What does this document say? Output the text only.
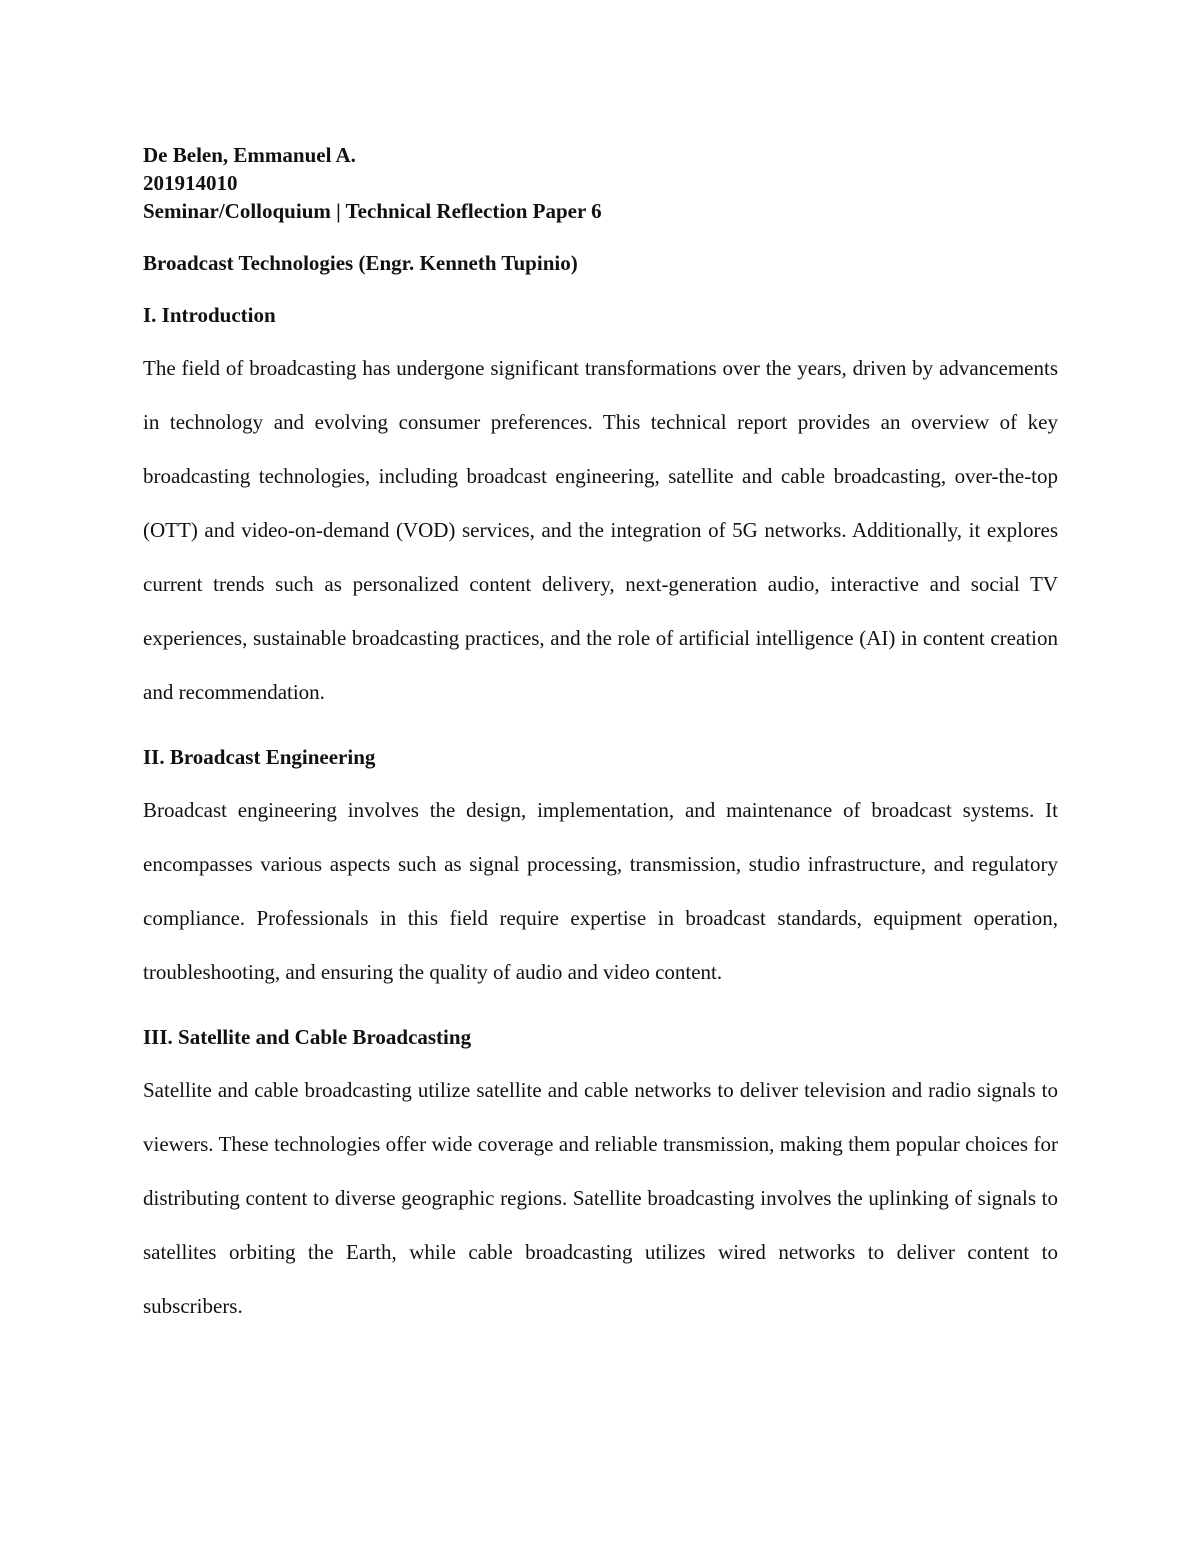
De Belen, Emmanuel A.

201914010

Seminar/Colloquium | Technical Reflection Paper 6

Broadcast Technologies (Engr. Kenneth Tupinio)

I. Introduction

The field of broadcasting has undergone significant transformations over the years, driven by advancements in technology and evolving consumer preferences. This technical report provides an overview of key broadcasting technologies, including broadcast engineering, satellite and cable broadcasting, over-the-top (OTT) and video-on-demand (VOD) services, and the integration of 5G networks. Additionally, it explores current trends such as personalized content delivery, next-generation audio, interactive and social TV experiences, sustainable broadcasting practices, and the role of artificial intelligence (AI) in content creation and recommendation.

II. Broadcast Engineering

Broadcast engineering involves the design, implementation, and maintenance of broadcast systems. It encompasses various aspects such as signal processing, transmission, studio infrastructure, and regulatory compliance. Professionals in this field require expertise in broadcast standards, equipment operation, troubleshooting, and ensuring the quality of audio and video content.

III. Satellite and Cable Broadcasting

Satellite and cable broadcasting utilize satellite and cable networks to deliver television and radio signals to viewers. These technologies offer wide coverage and reliable transmission, making them popular choices for distributing content to diverse geographic regions. Satellite broadcasting involves the uplinking of signals to satellites orbiting the Earth, while cable broadcasting utilizes wired networks to deliver content to subscribers.
